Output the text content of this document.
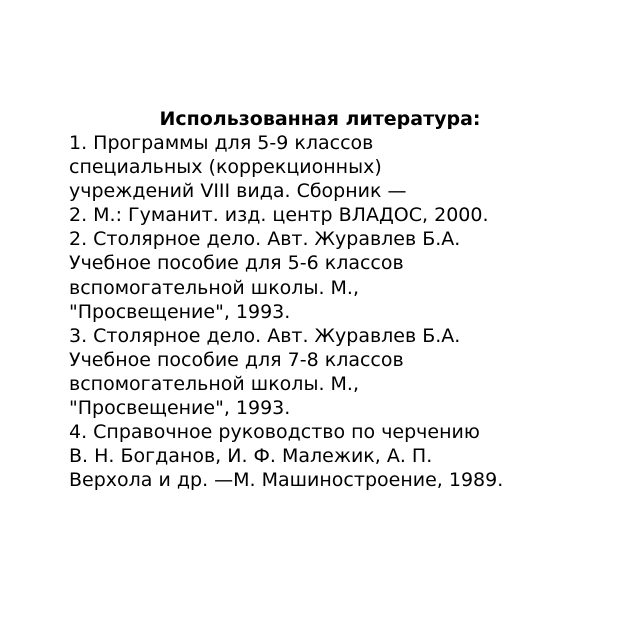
Использованная литература:
1. Программы для 5-9 классов
специальных (коррекционных)
учреждений VIII вида. Сборник —
2. М.: Гуманит. изд. центр ВЛАДОС, 2000.
2. Столярное дело. Авт. Журавлев Б.А.
Учебное пособие для 5-6 классов
вспомогательной школы. М.,
"Просвещение", 1993.
3. Столярное дело. Авт. Журавлев Б.А.
Учебное пособие для 7-8 классов
вспомогательной школы. М.,
"Просвещение", 1993.
4. Справочное руководство по черчению
В. Н. Богданов, И. Ф. Малежик, А. П.
Верхола и др. —М. Машиностроение, 1989.
